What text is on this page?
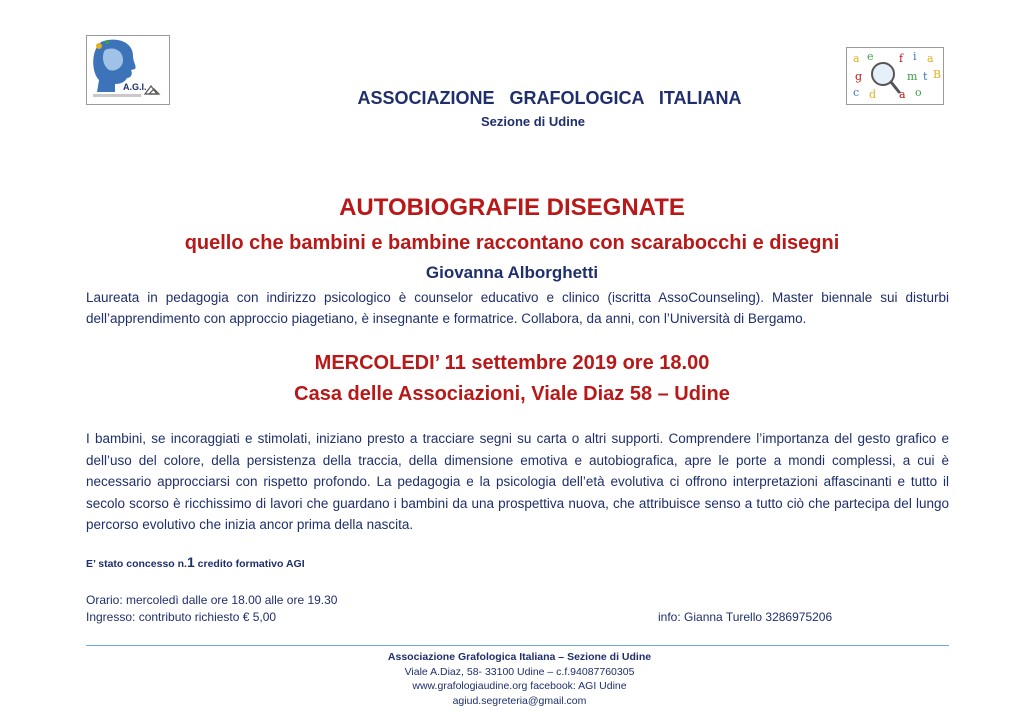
A.G.I.
a e f i a
g	m t B
c d a o
ASSOCIAZIONE GRAFOLOGICA ITALIANA
Sezione di Udine
AUTOBIOGRAFIE DISEGNATE
quello che bambini e bambine raccontano con scarabocchi e disegni
Giovanna Alborghetti
Laureata in pedagogia con indirizzo psicologico è counselor educativo e clinico (iscritta AssoCounseling). Master biennale sui disturbi dell’apprendimento con approccio piagetiano, è insegnante e formatrice. Collabora, da anni, con l’Università di Bergamo.
MERCOLEDI’ 11 settembre 2019 ore 18.00
Casa delle Associazioni, Viale Diaz 58 – Udine
I bambini, se incoraggiati e stimolati, iniziano presto a tracciare segni su carta o altri supporti. Comprendere l’importanza del gesto grafico e dell’uso del colore, della persistenza della traccia, della dimensione emotiva e autobiografica, apre le porte a mondi complessi, a cui è necessario approcciarsi con rispetto profondo. La pedagogia e la psicologia dell’età evolutiva ci offrono interpretazioni affascinanti e tutto il secolo scorso è ricchissimo di lavori che guardano i bambini da una prospettiva nuova, che attribuisce senso a tutto ciò che partecipa del lungo percorso evolutivo che inizia ancor prima della nascita.
E’ stato concesso n.1 credito formativo AGI
Orario: mercoledì dalle ore 18.00 alle ore 19.30
Ingresso: contributo richiesto € 5,00	info: Gianna Turello 3286975206
Associazione Grafologica Italiana – Sezione di Udine
Viale A.Diaz, 58- 33100 Udine – c.f.94087760305
www.grafologiaudine.org facebook: AGI Udine
agiud.segreteria@gmail.com
